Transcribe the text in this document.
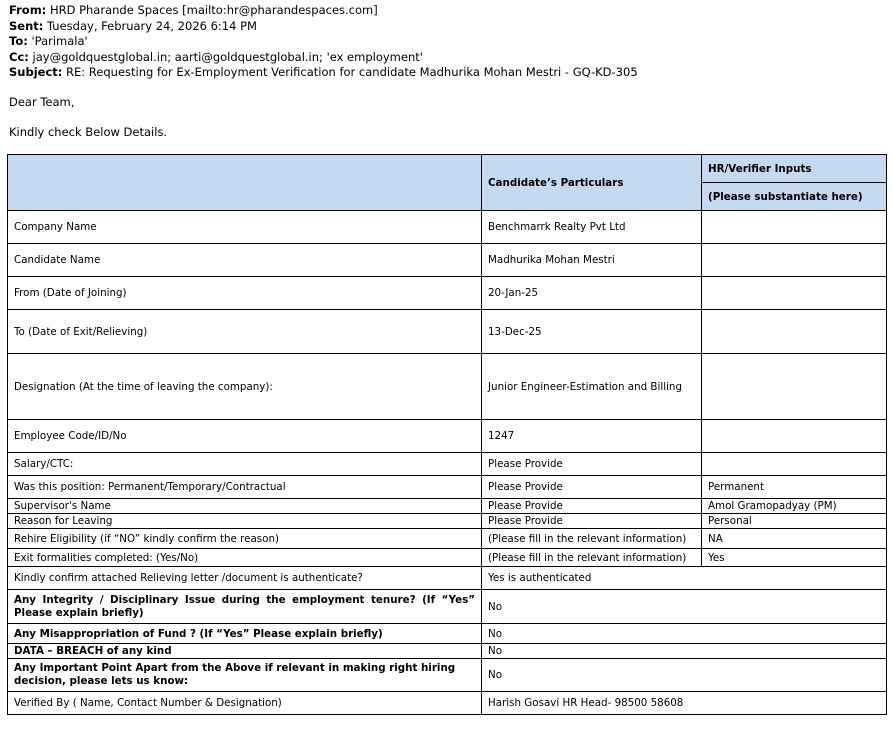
From: HRD Pharande Spaces [mailto:hr@pharandespaces.com]
Sent: Tuesday, February 24, 2026 6:14 PM
To: 'Parimala'
Cc: jay@goldquestglobal.in; aarti@goldquestglobal.in; 'ex employment'
Subject: RE: Requesting for Ex-Employment Verification for candidate Madhurika Mohan Mestri - GQ-KD-305
Dear Team,
Kindly check Below Details.
	Candidate’s Particulars	HR/Verifier Inputs
		(Please substantiate here)
Company Name	Benchmarrk Realty Pvt Ltd	
Candidate Name	Madhurika Mohan Mestri	
From (Date of Joining)	20-Jan-25	
To (Date of Exit/Relieving)	13-Dec-25	
Designation (At the time of leaving the company):	Junior Engineer-Estimation and Billing	
Employee Code/ID/No	1247	
Salary/CTC:	Please Provide	
Was this position: Permanent/Temporary/Contractual	Please Provide	Permanent
Supervisor's Name	Please Provide	Amol Gramopadyay (PM)
Reason for Leaving	Please Provide	Personal
Rehire Eligibility (if “NO” kindly confirm the reason)	(Please fill in the relevant information)	NA
Exit formalities completed: (Yes/No)	(Please fill in the relevant information)	Yes
Kindly confirm attached Relieving letter /document is authenticate?	Yes is authenticated	
Any Integrity / Disciplinary Issue during the employment tenure? (If “Yes” Please explain briefly)	No	
Any Misappropriation of Fund ? (If “Yes” Please explain briefly)	No	
DATA – BREACH of any kind	No	
Any Important Point Apart from the Above if relevant in making right hiring decision, please lets us know:	No	
Verified By ( Name, Contact Number & Designation)	Harish Gosavi HR Head- 98500 58608	
